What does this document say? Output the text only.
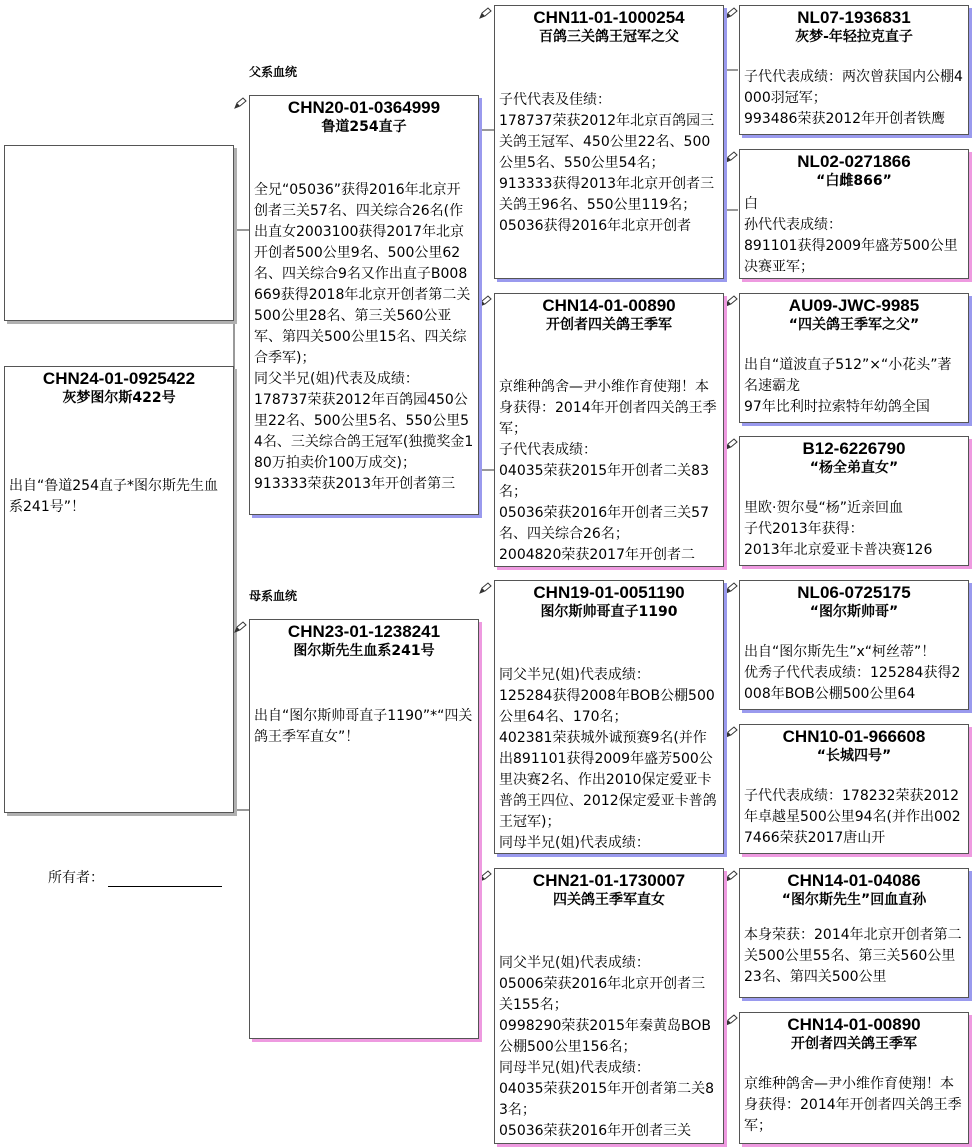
父系血统
母系血统
CHN24-01-0925422
灰梦图尔斯422号
出自“鲁道254直子*图尔斯先生血系241号”！
所有者：
CHN20-01-0364999
鲁道254直子
全兄“05036”获得2016年北京开创者三关57名、四关综合26名(作出直女2003100获得2017年北京开创者500公里9名、500公里62名、四关综合9名又作出直子B008669获得2018年北京开创者第二关500公里28名、第三关560公亚军、第四关500公里15名、四关综合季军)；
同父半兄(姐)代表及成绩：
178737荣获2012年百鸽园450公里22名、500公里5名、550公里54名、三关综合鸽王冠军(独揽奖金180万拍卖价100万成交)；
913333荣获2013年开创者第三
CHN23-01-1238241
图尔斯先生血系241号
出自“图尔斯帅哥直子1190”*“四关鸽王季军直女”！
CHN11-01-1000254
百鸽三关鸽王冠军之父
子代代表及佳绩：
178737荣获2012年北京百鸽园三关鸽王冠军、450公里22名、500公里5名、550公里54名；
913333获得2013年北京开创者三关鸽王96名、550公里119名；
05036获得2016年北京开创者
CHN14-01-00890
开创者四关鸽王季军
京维种鸽舍—尹小维作育使翔！本身获得：2014年开创者四关鸽王季军；
子代代表成绩：
04035荣获2015年开创者二关83名；
05036荣获2016年开创者三关57名、四关综合26名；
2004820荣获2017年开创者二
CHN19-01-0051190
图尔斯帅哥直子1190
同父半兄(姐)代表成绩：
125284获得2008年BOB公棚500公里64名、170名；
402381荣获城外诚预赛9名(并作出891101获得2009年盛芳500公里决赛2名、作出2010保定爱亚卡普鸽王四位、2012保定爱亚卡普鸽王冠军)；
同母半兄(姐)代表成绩：
CHN21-01-1730007
四关鸽王季军直女
同父半兄(姐)代表成绩：
05006荣获2016年北京开创者三关155名；
0998290荣获2015年秦黄岛BOB公棚500公里156名；
同母半兄(姐)代表成绩：
04035荣获2015年开创者第二关83名；
05036荣获2016年开创者三关
NL07-1936831
灰梦-年轻拉克直子
子代代表成绩：两次曾获国内公棚4000羽冠军；
993486荣获2012年开创者铁鹰
NL02-0271866
“白雌866”
白
孙代代表成绩：
891101获得2009年盛芳500公里决赛亚军；
AU09-JWC-9985
“四关鸽王季军之父”
出自“道波直子512”×“小花头”著名速霸龙
97年比利时拉索特年幼鸽全国
B12-6226790
“杨全弟直女”
里欧·贺尔曼“杨”近亲回血
子代2013年获得：
2013年北京爱亚卡普决赛126
NL06-0725175
“图尔斯帅哥”
出自“图尔斯先生”x“柯丝蒂”！
优秀子代代表成绩：125284获得2008年BOB公棚500公里64
CHN10-01-966608
“长城四号”
子代代表成绩：178232荣获2012年卓越星500公里94名(并作出0027466荣获2017唐山开
CHN14-01-04086
“图尔斯先生”回血直孙
本身荣获：2014年北京开创者第二关500公里55名、第三关560公里23名、第四关500公里
CHN14-01-00890
开创者四关鸽王季军
京维种鸽舍—尹小维作育使翔！本身获得：2014年开创者四关鸽王季军；
